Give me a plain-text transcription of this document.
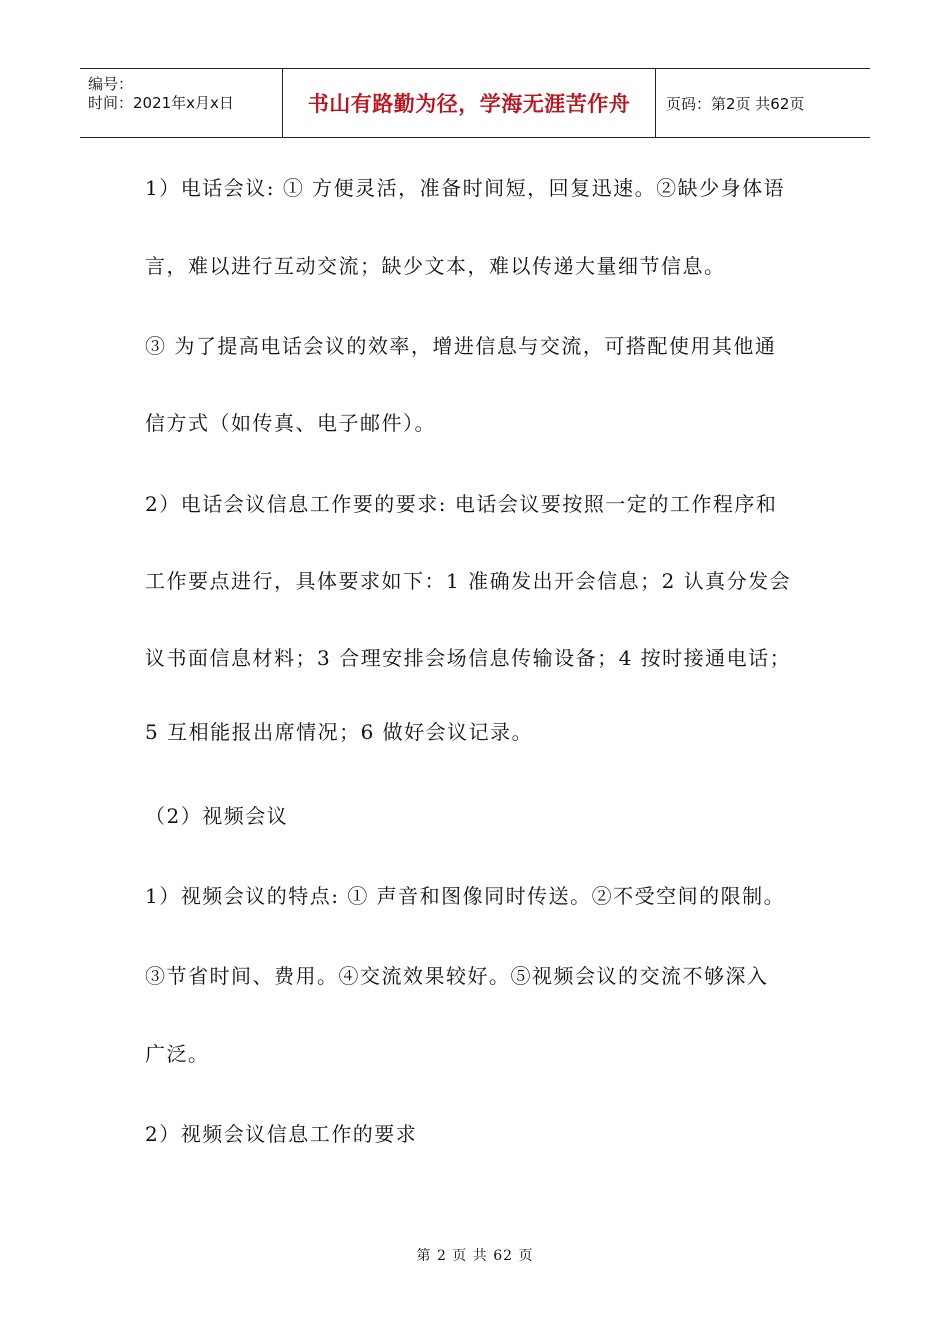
编号：
时间：2021年x月x日	书山有路勤为径，学海无涯苦作舟	页码：第2页 共62页
1）电话会议: ① 方便灵活，准备时间短，回复迅速。②缺少身体语
言，难以进行互动交流；缺少文本，难以传递大量细节信息。
③ 为了提高电话会议的效率，增进信息与交流，可搭配使用其他通
信方式（如传真、电子邮件）。
2）电话会议信息工作要的要求: 电话会议要按照一定的工作程序和
工作要点进行，具体要求如下：1 准确发出开会信息；2 认真分发会
议书面信息材料；3 合理安排会场信息传输设备；4 按时接通电话；
5 互相能报出席情况；6 做好会议记录。
（2）视频会议
1）视频会议的特点: ① 声音和图像同时传送。②不受空间的限制。
③节省时间、费用。④交流效果较好。⑤视频会议的交流不够深入
广泛。
2）视频会议信息工作的要求
第 2 页 共 62 页
